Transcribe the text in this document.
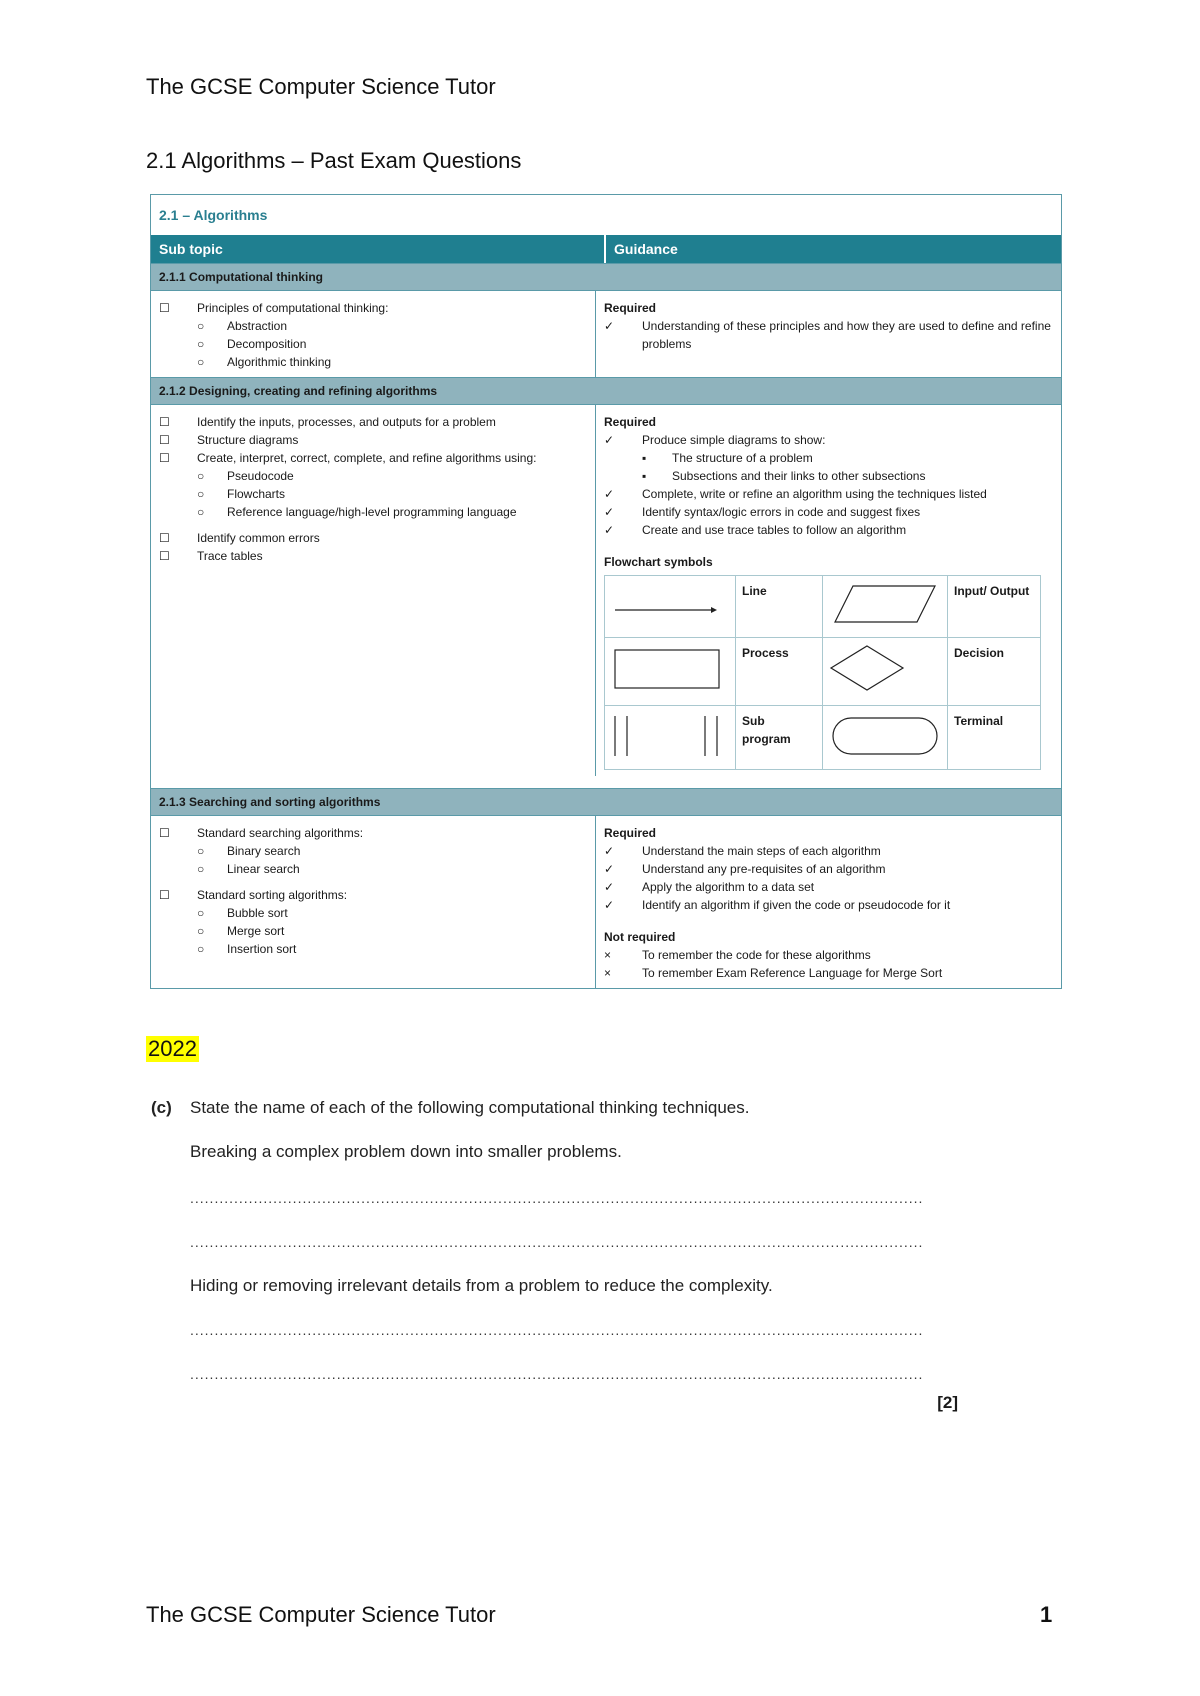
The GCSE Computer Science Tutor
2.1 Algorithms – Past Exam Questions
2.1 – Algorithms
Sub topic	Guidance
2.1.1 Computational thinking
☐	Principles of computational thinking:
○	Abstraction
○	Decomposition
○	Algorithmic thinking
Required
✓	Understanding of these principles and how they are used to define and refine problems
2.1.2 Designing, creating and refining algorithms
☐	Identify the inputs, processes, and outputs for a problem
☐	Structure diagrams
☐	Create, interpret, correct, complete, and refine algorithms using:
○	Pseudocode
○	Flowcharts
○	Reference language/high-level programming language
☐	Identify common errors
☐	Trace tables
Required
✓	Produce simple diagrams to show:
▪	The structure of a problem
▪	Subsections and their links to other subsections
✓	Complete, write or refine an algorithm using the techniques listed
✓	Identify syntax/logic errors in code and suggest fixes
✓	Create and use trace tables to follow an algorithm
Flowchart symbols
	Line		Input/ Output
	Process		Decision
	Sub program		Terminal
2.1.3 Searching and sorting algorithms
☐	Standard searching algorithms:
○	Binary search
○	Linear search
☐	Standard sorting algorithms:
○	Bubble sort
○	Merge sort
○	Insertion sort
Required
✓	Understand the main steps of each algorithm
✓	Understand any pre-requisites of an algorithm
✓	Apply the algorithm to a data set
✓	Identify an algorithm if given the code or pseudocode for it
Not required
×	To remember the code for these algorithms
×	To remember Exam Reference Language for Merge Sort
2022
(c) State the name of each of the following computational thinking techniques.
Breaking a complex problem down into smaller problems.
......................................................................................................................................................
......................................................................................................................................................
Hiding or removing irrelevant details from a problem to reduce the complexity.
......................................................................................................................................................
......................................................................................................................................................
[2]
The GCSE Computer Science Tutor	1
